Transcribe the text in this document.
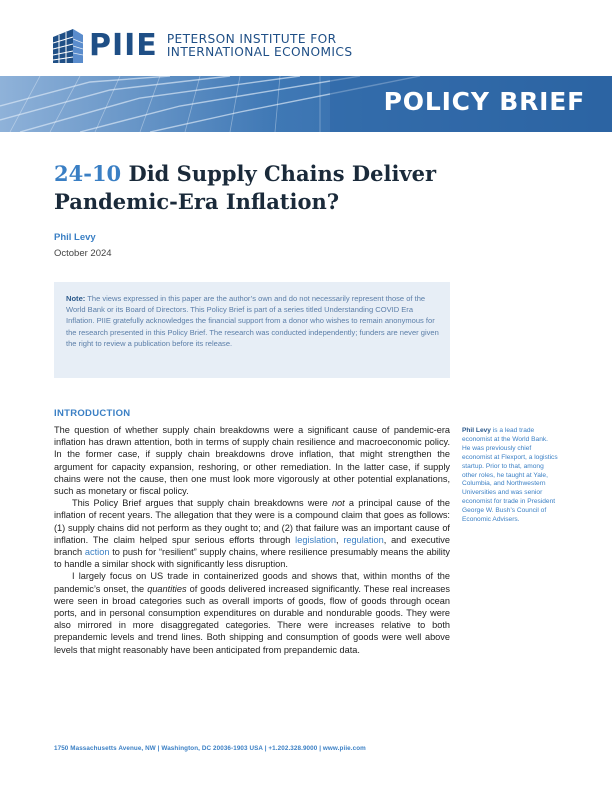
PIIE PETERSON INSTITUTE FOR
INTERNATIONAL ECONOMICS
POLICY BRIEF
24-10 Did Supply Chains Deliver
Pandemic-Era Inflation?
Phil Levy
October 2024

Note: The views expressed in this paper are the author’s own and do not necessarily represent those of the World Bank or its Board of Directors. This Policy Brief is part of a series titled Understanding COVID Era Inflation. PIIE gratefully acknowledges the financial support from a donor who wishes to remain anonymous for the research presented in this Policy Brief. The research was conducted independently; funders are never given the right to review a publication before its release.

INTRODUCTION

The question of whether supply chain breakdowns were a significant cause of pandemic-era inflation has drawn attention, both in terms of supply chain resilience and macroeconomic policy. In the former case, if supply chain breakdowns drove inflation, that might strengthen the argument for capacity expansion, reshoring, or other remediation. In the latter case, if supply chains were not the cause, then one must look more vigorously at other potential explanations, such as monetary or fiscal policy.

This Policy Brief argues that supply chain breakdowns were not a principal cause of the inflation of recent years. The allegation that they were is a compound claim that goes as follows: (1) supply chains did not perform as they ought to; and (2) that failure was an important cause of inflation. The claim helped spur serious efforts through legislation, regulation, and executive branch action to push for “resilient” supply chains, where resilience presumably means the ability to handle a similar shock with significantly less disruption.

I largely focus on US trade in containerized goods and shows that, within months of the pandemic’s onset, the quantities of goods delivered increased significantly. These real increases were seen in broad categories such as overall imports of goods, flow of goods through ocean ports, and in personal consumption expenditures on durable and nondurable goods. They were also mirrored in more disaggregated categories. There were increases relative to both prepandemic levels and trend lines. Both shipping and consumption of goods were well above levels that might reasonably have been anticipated from prepandemic data.

Phil Levy is a lead trade economist at the World Bank. He was previously chief economist at Flexport, a logistics startup. Prior to that, among other roles, he taught at Yale, Columbia, and Northwestern Universities and was senior economist for trade in President George W. Bush’s Council of Economic Advisers.

1750 Massachusetts Avenue, NW | Washington, DC 20036-1903 USA | +1.202.328.9000 | www.piie.com
